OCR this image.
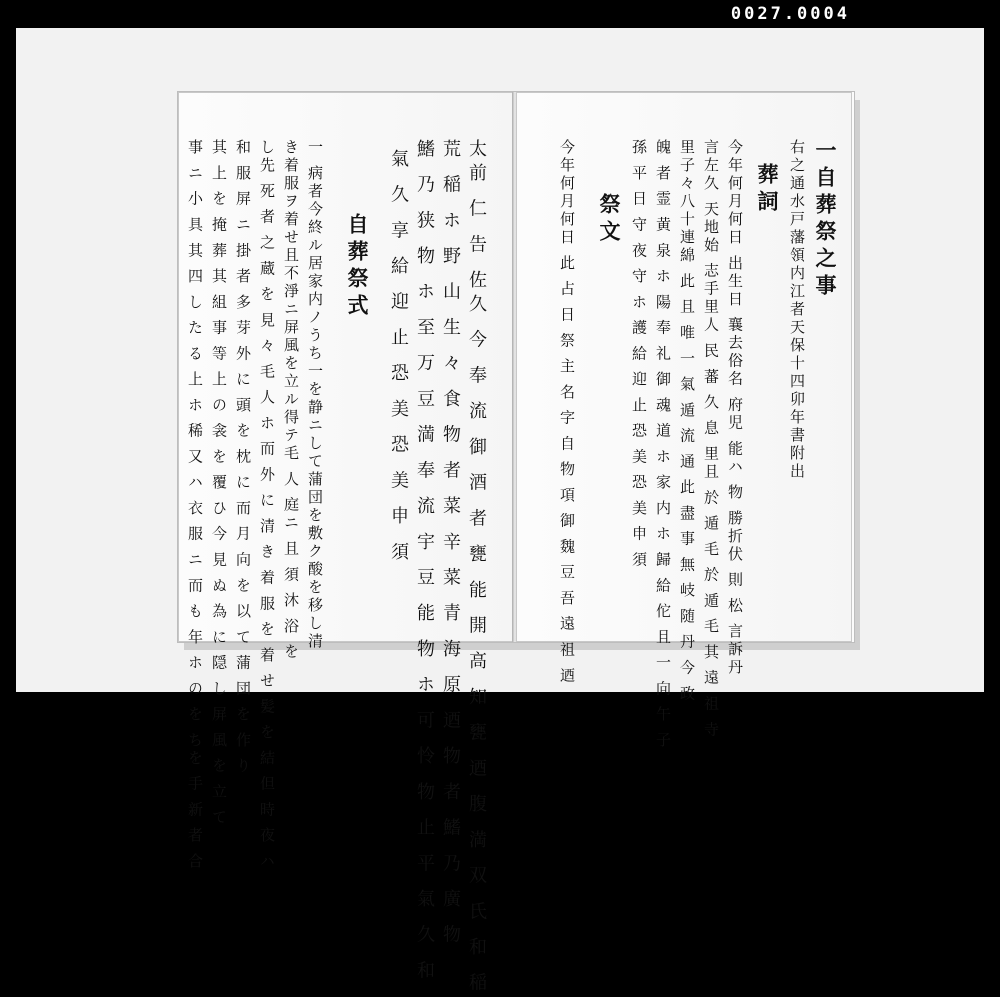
0027.0004
太前 仁 告 佐久 今 奉 流 御 酒 者 甕 能 開 高 知 甕 迺 腹 満 双 氏 和 稲
荒 稲 ホ 野 山 生 々 食 物 者 菜 辛 菜 青 海 原 迺 物 者 鰭 乃 廣 物
鰭 乃 狭 物 ホ 至 万 豆 満 奉 流 宇 豆 能 物 ホ 可 怜 物 止 平 氣 久 和
氣 久 享 給 迎 止 恐 美 恐 美 申 須
自葬祭式
一 病者今終ル居家内ノうち一を静ニして蒲団を敷ク酸を移し清
き着服ヲ着せ且不淨ニ屏風を立ル得テ毛 人 庭ニ 且 須 沐 浴 を
し先 死 者 之 蔵 を 見 々 毛 人 ホ 而 外 に 清 き 着 服 を 着 せ 髪 を 結 但 時 夜 ハ
和 服 屏 ニ 掛 者 多 芽 外 に 頭 を 枕 に 而 月 向 を 以 て 蒲 団 を 作 り
其 上 を 掩 葬 其 組 事 等 上 の 衾 を 覆 ひ 今 見 ぬ 為 に 隠 し 屏 風 を 立 て
事 ニ 小 具 其 四 し た る 上 ホ 稀 又 ハ 衣 服 ニ 而 も 年 ホ の を ちを 手 新 者 合	一自葬祭之事
右之通水戸藩領内江者天保十四卯年書附出
葬詞
今年何月何日 出生日 襄去俗名 府児 能ハ 物 勝折伏 則 松 言訴丹
言左久 天地始 志手里人 民 蕃 久 息 里且 於 遁 毛 於 遁 毛 其 遠 祖 寺
里子々八十連綿 此 且 唯 一 氣 遁 流 通 此 盡 事 無 岐 随 丹 今 政
魄 者 霊 黄 泉 ホ 陽 奉 礼 御 魂 道 ホ 家 内 ホ 歸 給 佗 且 一 向 午 子
孫 平 日 守 夜 守 ホ 護 給 迎 止 恐 美 恐 美 申 須
祭文
今年何月何日 此 占 日 祭 主 名 字 自 物 項 御 魏 豆 吾 遠 祖 迺
